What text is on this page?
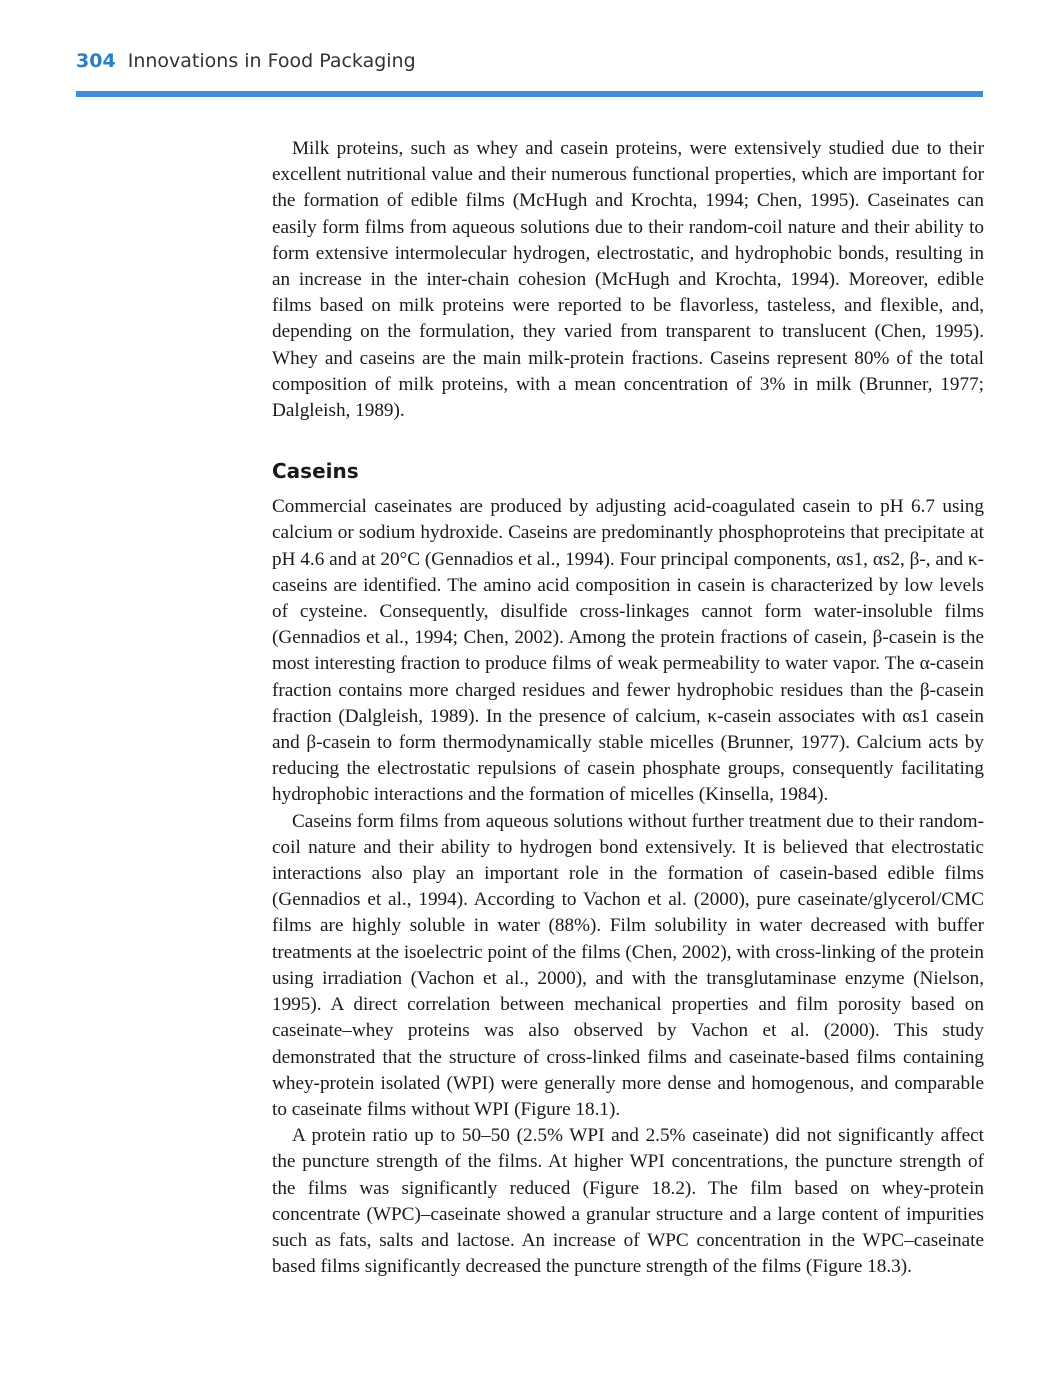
304 Innovations in Food Packaging

Milk proteins, such as whey and casein proteins, were extensively studied due to their excellent nutritional value and their numerous functional properties, which are important for the formation of edible films (McHugh and Krochta, 1994; Chen, 1995). Caseinates can easily form films from aqueous solutions due to their random-coil nature and their ability to form extensive intermolecular hydrogen, electrostatic, and hydrophobic bonds, resulting in an increase in the inter-chain cohesion (McHugh and Krochta, 1994). Moreover, edible films based on milk proteins were reported to be flavorless, tasteless, and flexible, and, depending on the formulation, they varied from transparent to translucent (Chen, 1995). Whey and caseins are the main milk-protein fractions. Caseins represent 80% of the total composition of milk proteins, with a mean concentration of 3% in milk (Brunner, 1977; Dalgleish, 1989).

Caseins

Commercial caseinates are produced by adjusting acid-coagulated casein to pH 6.7 using calcium or sodium hydroxide. Caseins are predominantly phosphoproteins that precipitate at pH 4.6 and at 20°C (Gennadios et al., 1994). Four principal components, αs1, αs2, β-, and κ-caseins are identified. The amino acid composition in casein is characterized by low levels of cysteine. Consequently, disulfide cross-linkages cannot form water-insoluble films (Gennadios et al., 1994; Chen, 2002). Among the protein fractions of casein, β-casein is the most interesting fraction to produce films of weak permeability to water vapor. The α-casein fraction contains more charged residues and fewer hydrophobic residues than the β-casein fraction (Dalgleish, 1989). In the presence of calcium, κ-casein associates with αs1 casein and β-casein to form thermodynamically stable micelles (Brunner, 1977). Calcium acts by reducing the electrostatic repulsions of casein phosphate groups, consequently facilitating hydrophobic interactions and the formation of micelles (Kinsella, 1984).

Caseins form films from aqueous solutions without further treatment due to their random-coil nature and their ability to hydrogen bond extensively. It is believed that electrostatic interactions also play an important role in the formation of casein-based edible films (Gennadios et al., 1994). According to Vachon et al. (2000), pure caseinate/glycerol/CMC films are highly soluble in water (88%). Film solubility in water decreased with buffer treatments at the isoelectric point of the films (Chen, 2002), with cross-linking of the protein using irradiation (Vachon et al., 2000), and with the transglutaminase enzyme (Nielson, 1995). A direct correlation between mechanical properties and film porosity based on caseinate–whey proteins was also observed by Vachon et al. (2000). This study demonstrated that the structure of cross-linked films and caseinate-based films containing whey-protein isolated (WPI) were generally more dense and homogenous, and comparable to caseinate films without WPI (Figure 18.1).

A protein ratio up to 50–50 (2.5% WPI and 2.5% caseinate) did not significantly affect the puncture strength of the films. At higher WPI concentrations, the puncture strength of the films was significantly reduced (Figure 18.2). The film based on whey-protein concentrate (WPC)–caseinate showed a granular structure and a large content of impurities such as fats, salts and lactose. An increase of WPC concentration in the WPC–caseinate based films significantly decreased the puncture strength of the films (Figure 18.3).
